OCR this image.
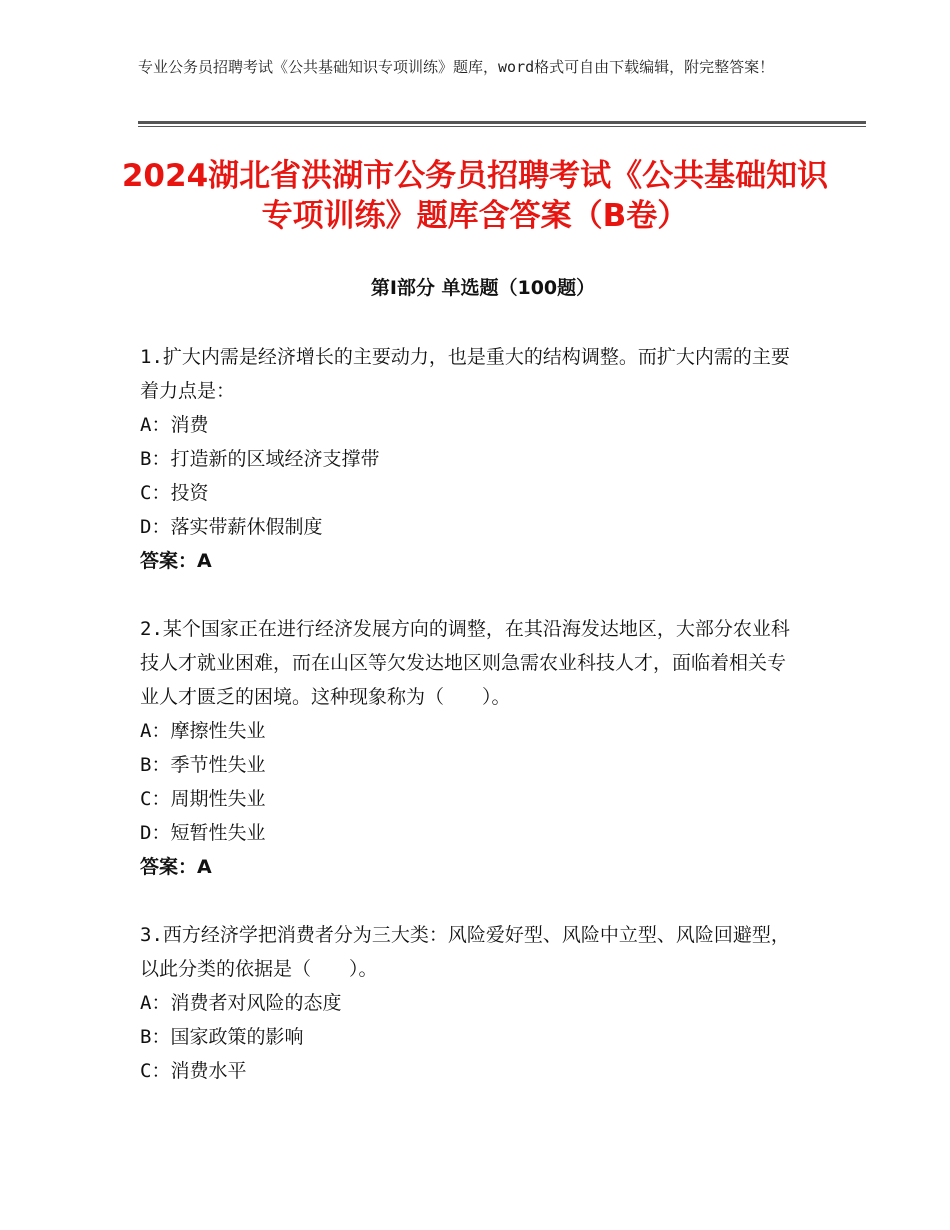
专业公务员招聘考试《公共基础知识专项训练》题库，word格式可自由下载编辑，附完整答案！
2024湖北省洪湖市公务员招聘考试《公共基础知识专项训练》题库含答案（B卷）
第Ⅰ部分 单选题（100题）

1.扩大内需是经济增长的主要动力，也是重大的结构调整。而扩大内需的主要着力点是：

A：消费

B：打造新的区域经济支撑带

C：投资

D：落实带薪休假制度

答案：A

2.某个国家正在进行经济发展方向的调整，在其沿海发达地区，大部分农业科技人才就业困难，而在山区等欠发达地区则急需农业科技人才，面临着相关专业人才匮乏的困境。这种现象称为（　　）。

A：摩擦性失业

B：季节性失业

C：周期性失业

D：短暂性失业

答案：A

3.西方经济学把消费者分为三大类：风险爱好型、风险中立型、风险回避型，以此分类的依据是（　　）。

A：消费者对风险的态度

B：国家政策的影响

C：消费水平
